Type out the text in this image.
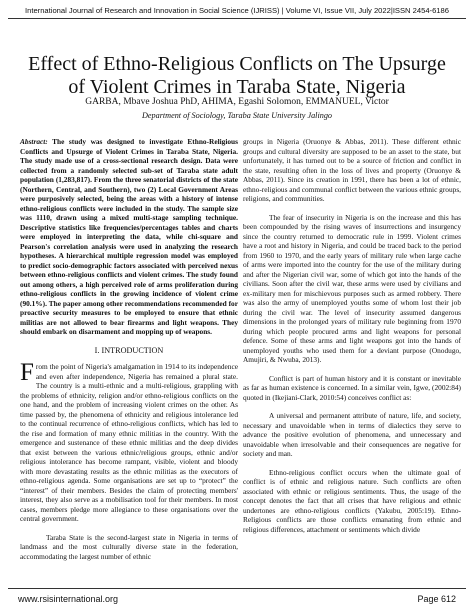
International Journal of Research and Innovation in Social Science (IJRISS) | Volume VI, Issue VII, July 2022|ISSN 2454-6186
Effect of Ethno-Religious Conflicts on The Upsurge of Violent Crimes in Taraba State, Nigeria
GARBA, Mbave Joshua PhD, AHIMA, Egashi Solomon, EMMANUEL, Victor
Department of Sociology, Taraba State University Jalingo

Abstract: The study was designed to investigate Ethno-Religious Conflicts and Upsurge of Violent Crimes in Taraba State, Nigeria. The study made use of a cross-sectional research design. Data were collected from a randomly selected sub-set of Taraba state adult population (1,283,817). From the three senatorial districts of the state (Northern, Central, and Southern), two (2) Local Government Areas were purposively selected, being the areas with a history of intense ethno-religious conflicts were included in the study. The sample size was 1110, drawn using a mixed multi-stage sampling technique. Descriptive statistics like frequencies/percentages tables and charts were employed in interpreting the data, while chi-square and Pearson's correlation analysis were used in analyzing the research hypotheses. A hierarchical multiple regression model was employed to predict socio-demographic factors associated with perceived nexus between ethno-religious conflicts and violent crimes. The study found out among others, a high perceived role of arms proliferation during ethno-religious conflicts in the growing incidence of violent crime (90.1%). The paper among other recommendations recommended for proactive security measures to be employed to ensure that ethnic militias are not allowed to bear firearms and light weapons. They should embark on disarmament and mopping up of weapons.

I. INTRODUCTION

From the point of Nigeria's amalgamation in 1914 to its independence and even after independence, Nigeria has remained a plural state. The country is a multi-ethnic and a multi-religious, grappling with the problems of ethnicity, religion and/or ethno-religious conflicts on the one hand, and the problem of increasing violent crimes on the other. As time passed by, the phenomena of ethnicity and religious intolerance led to the continual recurrence of ethno-religious conflicts, which has led to the rise and formation of many ethnic militias in the country. With the emergence and sustenance of these ethnic militias and the deep divides that exist between the various ethnic/religious groups, ethnic and/or religious intolerance has become rampant, visible, violent and bloody with more devastating results as the ethnic militias as the executors of ethno-religious agenda. Some organisations are set up to “protect” the “interest” of their members. Besides the claim of protecting members' interest, they also serve as a mobilisation tool for their members. In most cases, members pledge more allegiance to these organisations over the central government.

Taraba State is the second-largest state in Nigeria in terms of landmass and the most culturally diverse state in the federation, accommodating the largest number of ethnic

groups in Nigeria (Oruonye & Abbas, 2011). These different ethnic groups and cultural diversity are supposed to be an asset to the state, but unfortunately, it has turned out to be a source of friction and conflict in the state, resulting often in the loss of lives and property (Oruonye & Abbas, 2011). Since its creation in 1991, there has been a lot of ethnic, ethno-religious and communal conflict between the various ethnic groups, religions, and communities.

The fear of insecurity in Nigeria is on the increase and this has been compounded by the rising waves of insurrections and insurgency since the country returned to democratic rule in 1999. Violent crimes have a root and history in Nigeria, and could be traced back to the period from 1960 to 1970, and the early years of military rule when large cache of arms were imported into the country for the use of the military during and after the Nigerian civil war, some of which got into the hands of the civilians. Soon after the civil war, these arms were used by civilians and ex-military men for mischievous purposes such as armed robbery. There was also the army of unemployed youths some of whom lost their job during the civil war. The level of insecurity assumed dangerous dimensions in the prolonged years of military rule beginning from 1970 during which people procured arms and light weapons for personal defence. Some of these arms and light weapons got into the hands of unemployed youths who used them for a deviant purpose (Onodugo, Amujiri, & Nwuba, 2013).

Conflict is part of human history and it is constant or inevitable as far as human existence is concerned. In a similar vein, Igwe, (2002:84) quoted in (Ikejiani-Clark, 2010:54) conceives conflict as:

A universal and permanent attribute of nature, life, and society, necessary and unavoidable when in terms of dialectics they serve to advance the positive evolution of phenomena, and unnecessary and unavoidable when irresolvable and their consequences are negative for society and man.

Ethno-religious conflict occurs when the ultimate goal of conflict is of ethnic and religious nature. Such conflicts are often associated with ethnic or religious sentiments. Thus, the usage of the concept denotes the fact that all crises that have religious and ethnic undertones are ethno-religious conflicts (Yakubu, 2005:19). Ethno-Religious conflicts are those conflicts emanating from ethnic and religious differences, attachment or sentiments which divide

www.rsisinternational.org	Page 612
